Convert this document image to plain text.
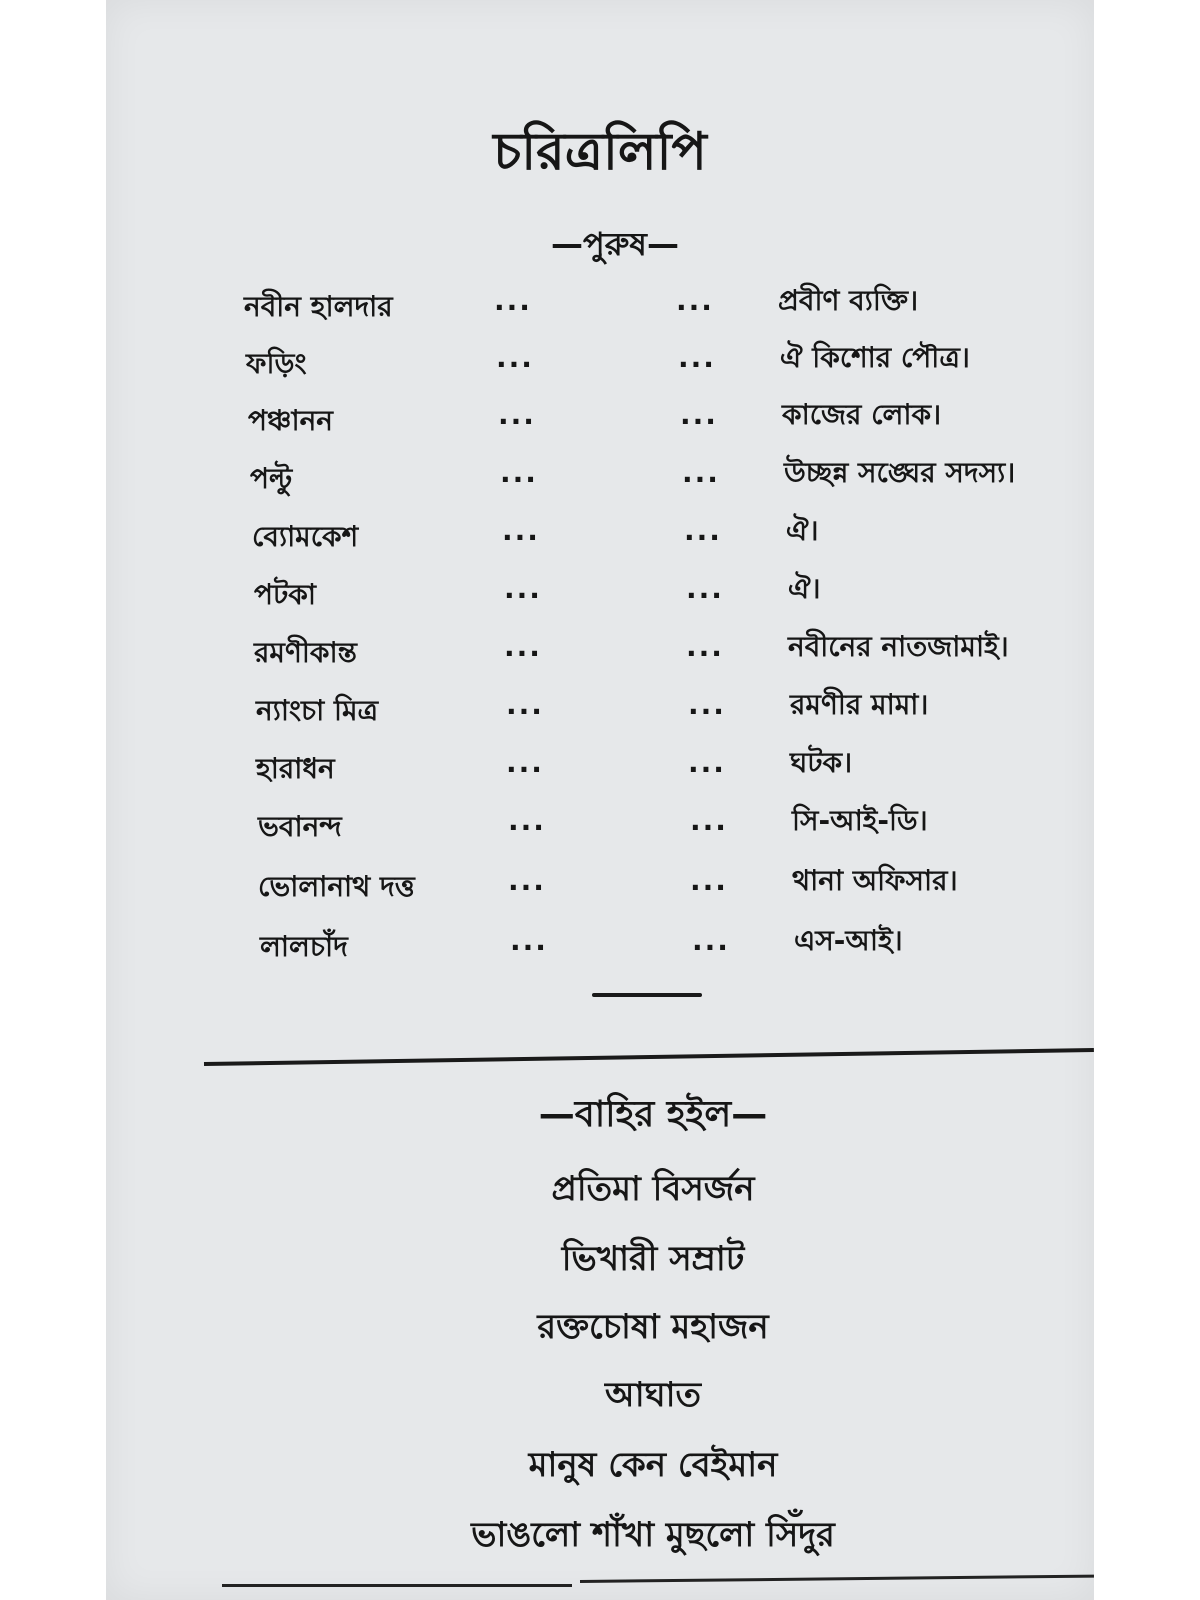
চরিত্রলিপি
—পুরুষ—
নবীন হালদার	...	... প্রবীণ ব্যক্তি।
ফড়িং	...	... ঐ কিশোর পৌত্র।
পঞ্চানন	...	... কাজের লোক।
পল্টু	...	... উচ্ছন্ন সঙ্ঘের সদস্য।
ব্যোমকেশ	...	... ঐ।
পটকা	...	... ঐ।
রমণীকান্ত	...	... নবীনের নাতজামাই।
ন্যাংচা মিত্র	...	... রমণীর মামা।
হারাধন	...	... ঘটক।
ভবানন্দ	...	... সি-আই-ডি।
ভোলানাথ দত্ত	...	... থানা অফিসার।
লালচাঁদ	...	... এস-আই।
—বাহির হইল—
প্রতিমা বিসর্জন
ভিখারী সম্রাট
রক্তচোষা মহাজন
আঘাত
মানুষ কেন বেইমান
ভাঙলো শাঁখা মুছলো সিঁদুর
